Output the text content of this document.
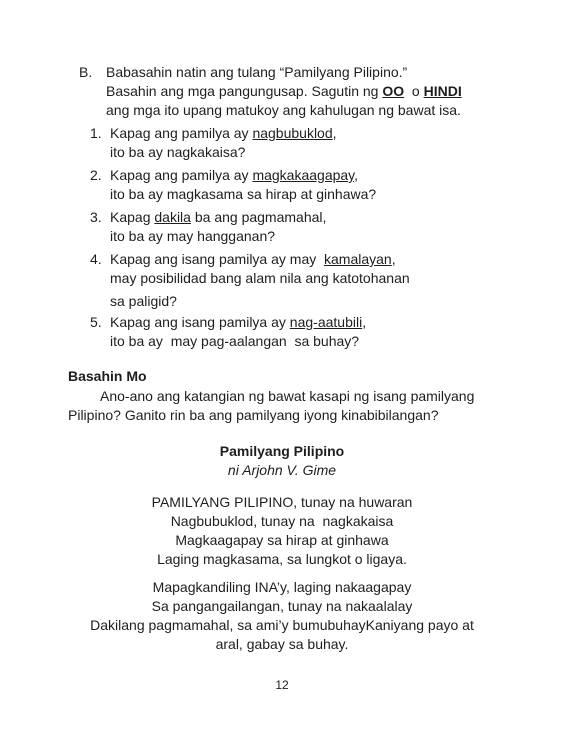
B. Babasahin natin ang tulang “Pamilyang Pilipino.”
Basahin ang mga pangungusap. Sagutin ng OO  o HINDI
ang mga ito upang matukoy ang kahulugan ng bawat isa.
1. Kapag ang pamilya ay nagbubuklod,
ito ba ay nagkakaisa?
2. Kapag ang pamilya ay magkakaagapay,
ito ba ay magkasama sa hirap at ginhawa?
3. Kapag dakila ba ang pagmamahal,
ito ba ay may hangganan?
4. Kapag ang isang pamilya ay may  kamalayan,
may posibilidad bang alam nila ang katotohanan
sa paligid?
5. Kapag ang isang pamilya ay nag-aatubili,
ito ba ay  may pag-aalangan  sa buhay?
Basahin Mo
Ano-ano ang katangian ng bawat kasapi ng isang pamilyang
Pilipino? Ganito rin ba ang pamilyang iyong kinabibilangan?
Pamilyang Pilipino
ni Arjohn V. Gime
PAMILYANG PILIPINO, tunay na huwaran
Nagbubuklod, tunay na  nagkakaisa
Magkaagapay sa hirap at ginhawa
Laging magkasama, sa lungkot o ligaya.
Mapagkandiling INA’y, laging nakaagapay
Sa pangangailangan, tunay na nakaalalay
Dakilang pagmamahal, sa ami’y bumubuhayKaniyang payo at
aral, gabay sa buhay.
12
